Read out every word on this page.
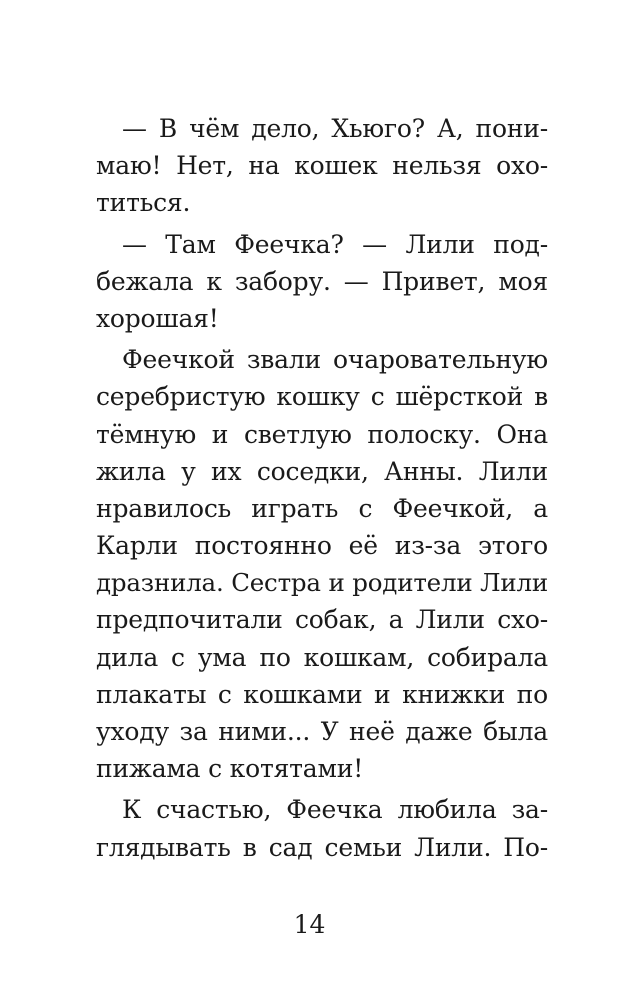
— В чём дело, Хьюго? А, пони-
маю! Нет, на кошек нельзя охо-
титься.
— Там Феечка? — Лили под-
бежала к забору. — Привет, моя
хорошая!
Феечкой звали очаровательную
серебристую кошку с шёрсткой в
тёмную и светлую полоску. Она
жила у их соседки, Анны. Лили
нравилось играть с Феечкой, а
Карли постоянно её из-за этого
дразнила. Сестра и родители Лили
предпочитали собак, а Лили схо-
дила с ума по кошкам, собирала
плакаты с кошками и книжки по
уходу за ними... У неё даже была
пижама с котятами!
К счастью, Феечка любила за-
глядывать в сад семьи Лили. По-
14
